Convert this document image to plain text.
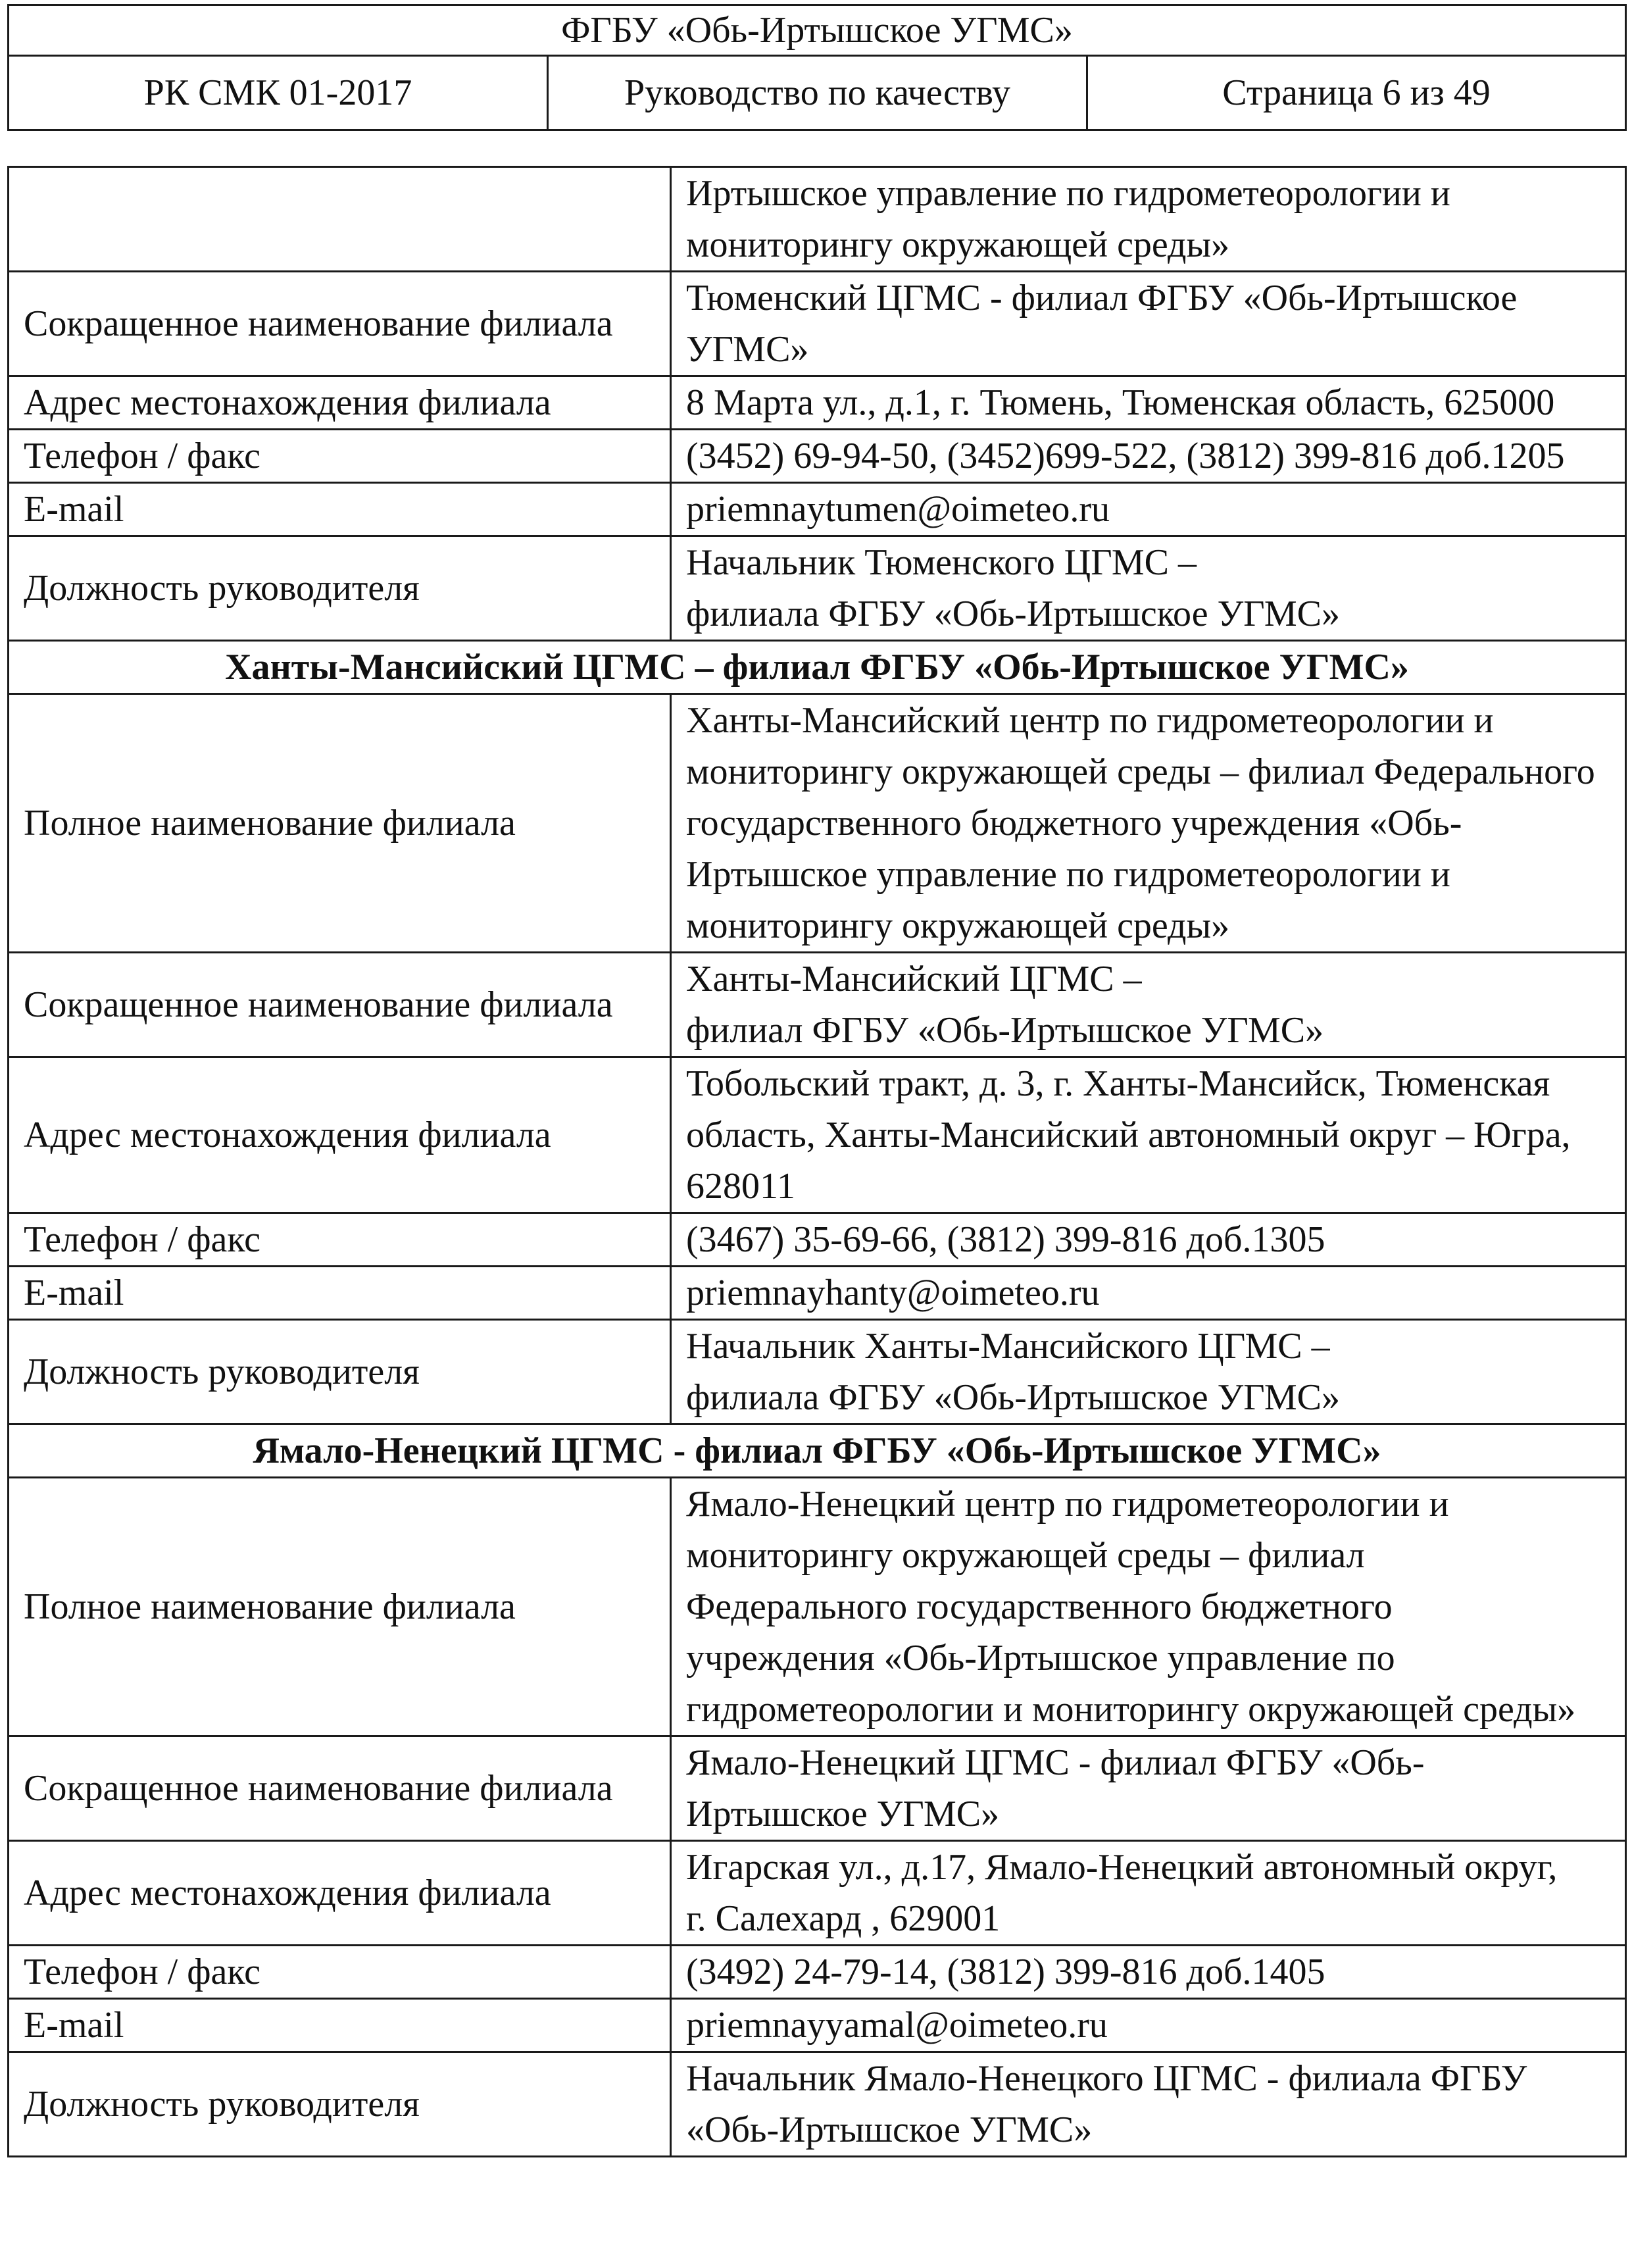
ФГБУ «Обь-Иртышское УГМС»
РК СМК 01-2017	Руководство по качеству	Страница 6 из 49

	Иртышское управление по гидрометеорологии и
мониторингу окружающей среды»

Сокращенное наименование филиала	Тюменский ЦГМС - филиал ФГБУ «Обь-Иртышское
УГМС»

Адрес местонахождения филиала	8 Марта ул., д.1, г. Тюмень, Тюменская область, 625000

Телефон / факс	(3452) 69-94-50, (3452)699-522, (3812) 399-816 доб.1205

E-mail	priemnaytumen@oimeteo.ru

Должность руководителя	Начальник Тюменского ЦГМС –
филиала ФГБУ «Обь-Иртышское УГМС»

Ханты-Мансийский ЦГМС – филиал ФГБУ «Обь-Иртышское УГМС»	
Полное наименование филиала	Ханты-Мансийский центр по гидрометеорологии и
мониторингу окружающей среды – филиал Федерального
государственного бюджетного учреждения «Обь-
Иртышское управление по гидрометеорологии и
мониторингу окружающей среды»

Сокращенное наименование филиала	Ханты-Мансийский ЦГМС –
филиал ФГБУ «Обь-Иртышское УГМС»

Адрес местонахождения филиала	Тобольский тракт, д. 3, г. Ханты-Мансийск, Тюменская
область, Ханты-Мансийский автономный округ – Югра,
628011

Телефон / факс	(3467) 35-69-66, (3812) 399-816 доб.1305

E-mail	priemnayhanty@oimeteo.ru

Должность руководителя	Начальник Ханты-Мансийского ЦГМС –
филиала ФГБУ «Обь-Иртышское УГМС»

Ямало-Ненецкий ЦГМС - филиал ФГБУ «Обь-Иртышское УГМС»	
Полное наименование филиала	Ямало-Ненецкий центр по гидрометеорологии и
мониторингу окружающей среды – филиал
Федерального государственного бюджетного
учреждения «Обь-Иртышское управление по
гидрометеорологии и мониторингу окружающей среды»

Сокращенное наименование филиала	Ямало-Ненецкий ЦГМС - филиал ФГБУ «Обь-
Иртышское УГМС»

Адрес местонахождения филиала	Игарская ул., д.17, Ямало-Ненецкий автономный округ,
г. Салехард , 629001

Телефон / факс	(3492) 24-79-14, (3812) 399-816 доб.1405

E-mail	priemnayyamal@oimeteo.ru

Должность руководителя	Начальник Ямало-Ненецкого ЦГМС - филиала ФГБУ
«Обь-Иртышское УГМС»
